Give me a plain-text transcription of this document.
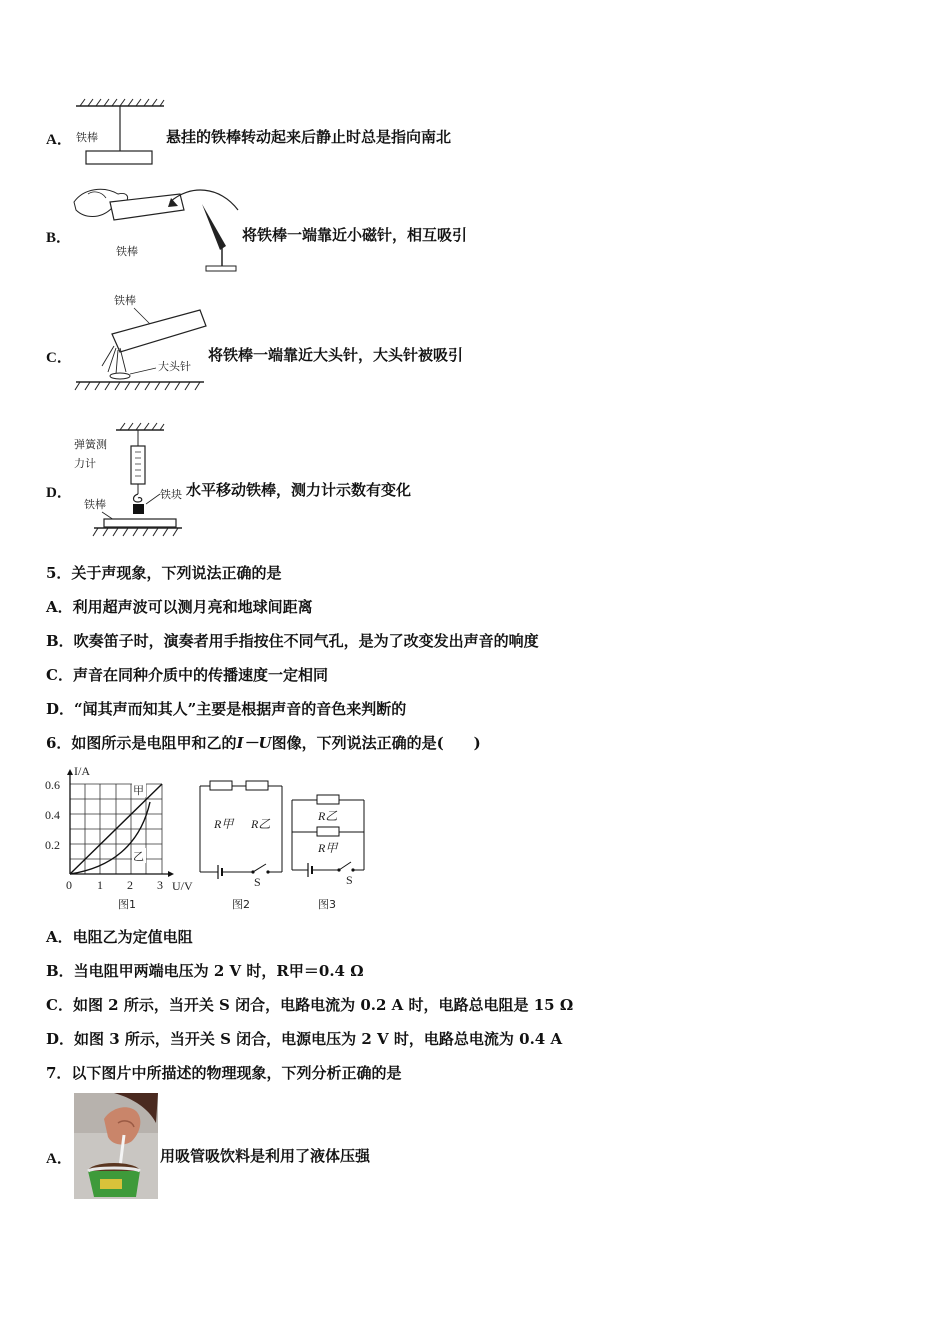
A． 铁棒	悬挂的铁棒转动起来后静止时总是指向南北
B．
铁棒
将铁棒一端靠近小磁针，相互吸引
C．
铁棒
大头针
将铁棒一端靠近大头针，大头针被吸引
D．
弹簧测
力计
铁块
铁棒
水平移动铁棒，测力计示数有变化
5．关于声现象，下列说法正确的是
A．利用超声波可以测月亮和地球间距离
B．吹奏笛子时，演奏者用手指按住不同气孔，是为了改变发出声音的响度
C．声音在同种介质中的传播速度一定相同
D．“闻其声而知其人”主要是根据声音的音色来判断的
6．如图所示是电阻甲和乙的I－U图像，下列说法正确的是(　　)
I/A
U/V
0.6
0.4
0.2
0 1 2 3
甲
乙
图1
R甲 R乙
S
图2
R乙
R甲
S
图3
A．电阻乙为定值电阻
B．当电阻甲两端电压为 2 V 时，R甲＝0.4 Ω
C．如图 2 所示，当开关 S 闭合，电路电流为 0.2 A 时，电路总电阻是 15 Ω
D．如图 3 所示，当开关 S 闭合，电源电压为 2 V 时，电路总电流为 0.4 A
7．以下图片中所描述的物理现象，下列分析正确的是
A．	用吸管吸饮料是利用了液体压强
